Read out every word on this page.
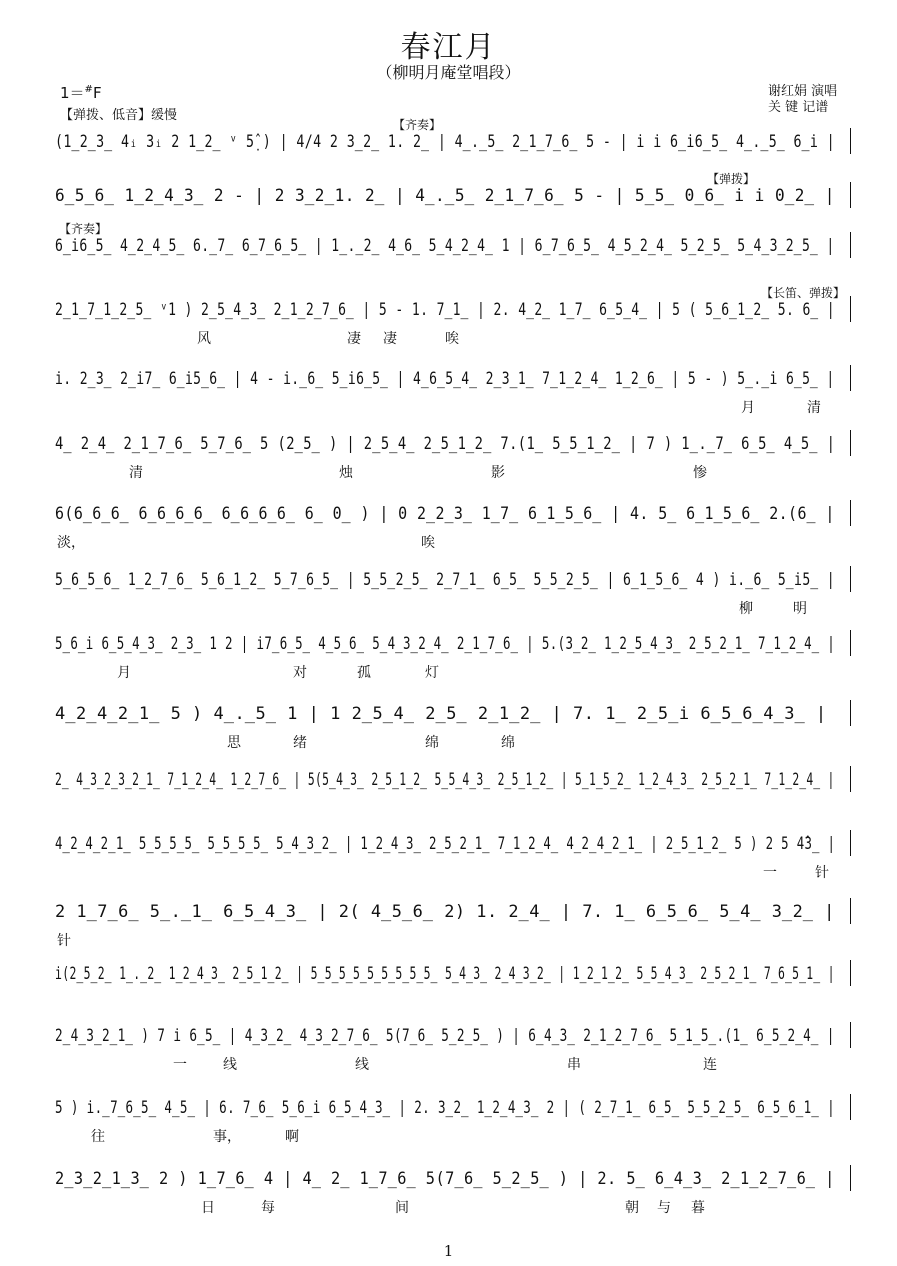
春江月
（柳明月庵堂唱段）
谢红娟 演唱
关 键 记谱
1＝#F
【弹拨、低音】缓慢
【齐奏】
(1̲2̲3̲ 4ᵢ 3ᵢ 2 1̲2̲ ᵛ 5̣̂ ) | 4/4 2 3̲2̲ 1. 2̲ | 4̲.̲5̲ 2̲1̲7̲6̲ 5 - | i̇ i̇ 6̲i̇6̲5̲ 4̲.̲5̲ 6̲i̇ |
【弹拨】
6̲5̲6̲ 1̲2̲4̲3̲ 2 - | 2 3̲2̲1. 2̲ | 4̲.̲5̲ 2̲1̲7̲6̲ 5 - | 5̲5̲ 0̲6̲ i̇ i̇ 0̲2̲ |
【齐奏】
6̲i̇6̲5̲ 4̲2̲4̲5̲ 6.̲7̲ 6̲7̲6̲5̲ | 1̲.̲2̲ 4̲6̲ 5̲4̲2̲4̲ 1 | 6̲7̲6̲5̲ 4̲5̲2̲4̲ 5̲2̲5̲ 5̲4̲3̲2̲5̲ |
【长笛、弹拨】
2̲1̲7̲1̲2̲5̲ ᵛ1 ) 2̲5̲4̲3̲ 2̲1̲2̲7̲6̲ | 5 - 1. 7̲1̲ | 2. 4̲2̲ 1̲7̲ 6̲5̲4̲ | 5 ( 5̲6̲1̲2̲ 5. 6̲ |
风	凄 凄	唉
i̇. 2̲3̲ 2̲i̇7̲ 6̲i̇5̲6̲ | 4 - i̇.̲6̲ 5̲i̇6̲5̲ | 4̲6̲5̲4̲ 2̲3̲1̲ 7̲1̲2̲4̲ 1̲2̲6̲ | 5 - ) 5̲.̲i̇ 6̲5̲ |
月	清
4̲ 2̲4̲ 2̲1̲7̲6̲ 5̲7̲6̲ 5 (2̲5̲ ) | 2̲5̲4̲ 2̲5̲1̲2̲ 7.(1̲ 5̲5̲1̲2̲ | 7 ) 1̲.̲7̲ 6̲5̲ 4̲5̲ |
清	烛	影	惨
6(6̲6̲6̲ 6̲6̲6̲6̲ 6̲6̲6̲6̲ 6̲ 0̲ ) | 0 2̲2̲3̲ 1̲7̲ 6̲1̲5̲6̲ | 4. 5̲ 6̲1̲5̲6̲ 2.(6̲ |
淡，	唉
5̲6̲5̲6̲ 1̲2̲7̲6̲ 5̲6̲1̲2̲ 5̲7̲6̲5̲ | 5̲5̲2̲5̲ 2̲7̲1̲ 6̲5̲ 5̲5̲2̲5̲ | 6̲1̲5̲6̲ 4 ) i̇.̲6̲ 5̲i̇5̲ |
柳	明
5̲6̲i̇ 6̲5̲4̲3̲ 2̲3̲ 1 2 | i̇7̲6̲5̲ 4̲5̲6̲ 5̲4̲3̲2̲4̲ 2̲1̲7̲6̲ | 5.(3̲2̲ 1̲2̲5̲4̲3̲ 2̲5̲2̲1̲ 7̲1̲2̲4̲ |
月	对	孤	灯
4̲2̲4̲2̲1̲ 5 ) 4̲.̲5̲ 1 | 1 2̲5̲4̲ 2̲5̲ 2̲1̲2̲ | 7. 1̲ 2̲5̲i̇ 6̲5̲6̲4̲3̲ |
思	绪	绵	绵
2̲ 4̲3̲2̲3̲2̲1̲ 7̲1̲2̲4̲ 1̲2̲7̲6̲ | 5(5̲4̲3̲ 2̲5̲1̲2̲ 5̲5̲4̲3̲ 2̲5̲1̲2̲ | 5̲1̲5̲2̲ 1̲2̲4̲3̲ 2̲5̲2̲1̲ 7̲1̲2̲4̲ |
4̲2̲4̲2̲1̲ 5̲5̲5̲5̲ 5̲5̲5̲5̲ 5̲4̲3̲2̲ | 1̲2̲4̲3̲ 2̲5̲2̲1̲ 7̲1̲2̲4̲ 4̲2̲4̲2̲1̲ | 2̲5̲1̲2̲ 5 ) 2 5 4̂3̲ |
一	针
2 1̲7̲6̲ 5̲.̲1̲ 6̲5̲4̲3̲ | 2( 4̲5̲6̲ 2) 1. 2̲4̲ | 7. 1̲ 6̲5̲6̲ 5̲4̲ 3̲2̲ |
针
i̇(2̲5̲2̲ 1̲.̲2̲ 1̲2̲4̲3̲ 2̲5̲1̲2̲ | 5̲5̲5̲5̲5̲5̲5̲5̲5̲ 5̲4̲3̲ 2̲4̲3̲2̲ | 1̲2̲1̲2̲ 5̲5̲4̲3̲ 2̲5̲2̲1̲ 7̲6̲5̲1̲ |
2̲4̲3̲2̲1̲ ) 7 i̇ 6̲5̲ | 4̲3̲2̲ 4̲3̲2̲7̲6̲ 5(7̲6̲ 5̲2̲5̲ ) | 6̲4̲3̲ 2̲1̲2̲7̲6̲ 5̲1̲5̲.(1̲ 6̲5̲2̲4̲ |
一	线	线	串	连
5 ) i̇.̲7̲6̲5̲ 4̲5̲ | 6. 7̲6̲ 5̲6̲i̇ 6̲5̲4̲3̲ | 2. 3̲2̲ 1̲2̲4̲3̲ 2 | ( 2̲7̲1̲ 6̲5̲ 5̲5̲2̲5̲ 6̲5̲6̲1̲ |
往	事，	啊
2̲3̲2̲1̲3̲ 2 ) 1̲7̲6̲ 4 | 4̲ 2̲ 1̲7̲6̲ 5(7̲6̲ 5̲2̲5̲ ) | 2. 5̲ 6̲4̲3̲ 2̲1̲2̲7̲6̲ |
日	每	间	朝 与 暮
1
